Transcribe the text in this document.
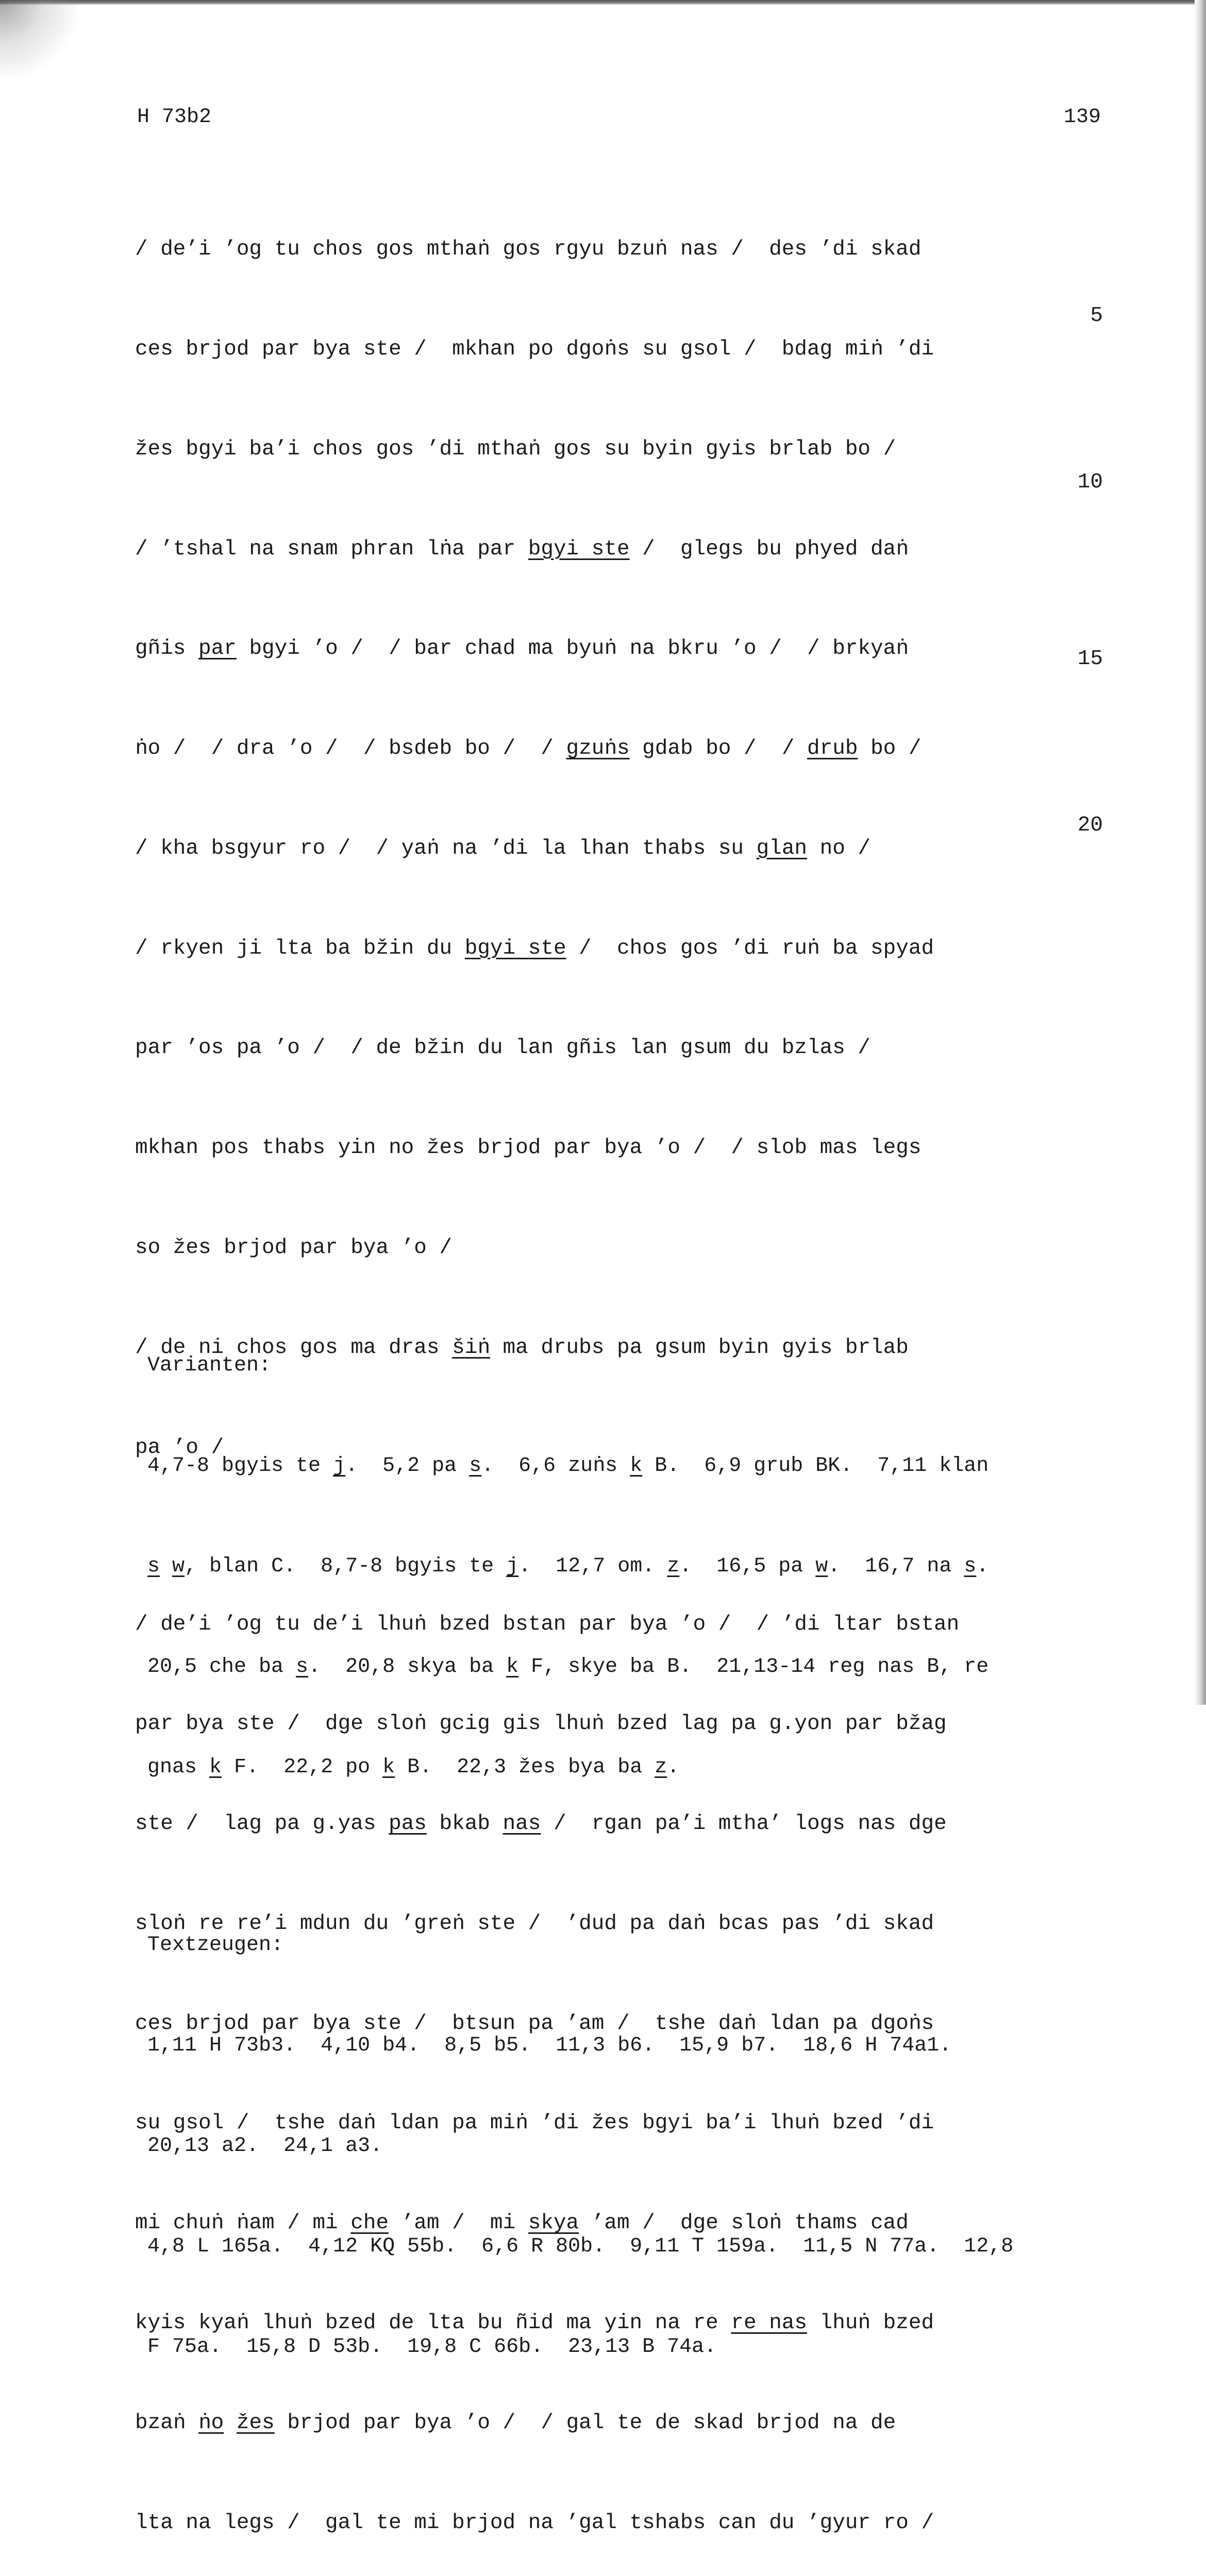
H 73b2	139

/ de’i ’og tu chos gos mthaṅ gos rgyu bzuṅ nas /  des ’di skad

ces brjod par bya ste /  mkhan po dgoṅs su gsol /  bdag miṅ ’di

žes bgyi ba’i chos gos ’di mthaṅ gos su byin gyis brlab bo /

/ ’tshal na snam phran lṅa par bgyi ste /  glegs bu phyed daṅ

gñis par bgyi ’o /  / bar chad ma byuṅ na bkru ’o /  / brkyaṅ

ṅo /  / dra ’o /  / bsdeb bo /  / gzuṅs gdab bo /  / drub bo /

/ kha bsgyur ro /  / yaṅ na ’di la lhan thabs su glan no /

/ rkyen ji lta ba bžin du bgyi ste /  chos gos ’di ruṅ ba spyad

par ’os pa ’o /  / de bžin du lan gñis lan gsum du bzlas /

mkhan pos thabs yin no žes brjod par bya ’o /  / slob mas legs

so žes brjod par bya ’o /

/ de ni chos gos ma dras šiṅ ma drubs pa gsum byin gyis brlab

pa ’o /

/ de’i ’og tu de’i lhuṅ bzed bstan par bya ’o /  / ’di ltar bstan

par bya ste /  dge sloṅ gcig gis lhuṅ bzed lag pa g.yon par bžag

ste /  lag pa g.yas pas bkab nas /  rgan pa’i mtha’ logs nas dge

sloṅ re re’i mdun du ’greṅ ste /  ’dud pa daṅ bcas pas ’di skad

ces brjod par bya ste /  btsun pa ’am /  tshe daṅ ldan pa dgoṅs

su gsol /  tshe daṅ ldan pa miṅ ’di žes bgyi ba’i lhuṅ bzed ’di

mi chuṅ ṅam / mi che ’am /  mi skya ’am /  dge sloṅ thams cad

kyis kyaṅ lhuṅ bzed de lta bu ñid ma yin na re re nas lhuṅ bzed

bzaṅ ṅo žes brjod par bya ’o /  / gal te de skad brjod na de

lta na legs /  gal te mi brjod na ’gal tshabs can du ’gyur ro /

5
10
15
20

Varianten:

4,7-8 bgyis te j.  5,2 pa s.  6,6 zuṅs k B.  6,9 grub BK.  7,11 klan

s w, blan C.  8,7-8 bgyis te j.  12,7 om. z.  16,5 pa w.  16,7 na s.

20,5 che ba s.  20,8 skya ba k F, skye ba B.  21,13-14 reg nas B, re

gnas k F.  22,2 po k B.  22,3 žes bya ba z.

Textzeugen:

1,11 H 73b3.  4,10 b4.  8,5 b5.  11,3 b6.  15,9 b7.  18,6 H 74a1.

20,13 a2.  24,1 a3.

4,8 L 165a.  4,12 KQ 55b.  6,6 R 80b.  9,11 T 159a.  11,5 N 77a.  12,8

F 75a.  15,8 D 53b.  19,8 C 66b.  23,13 B 74a.
